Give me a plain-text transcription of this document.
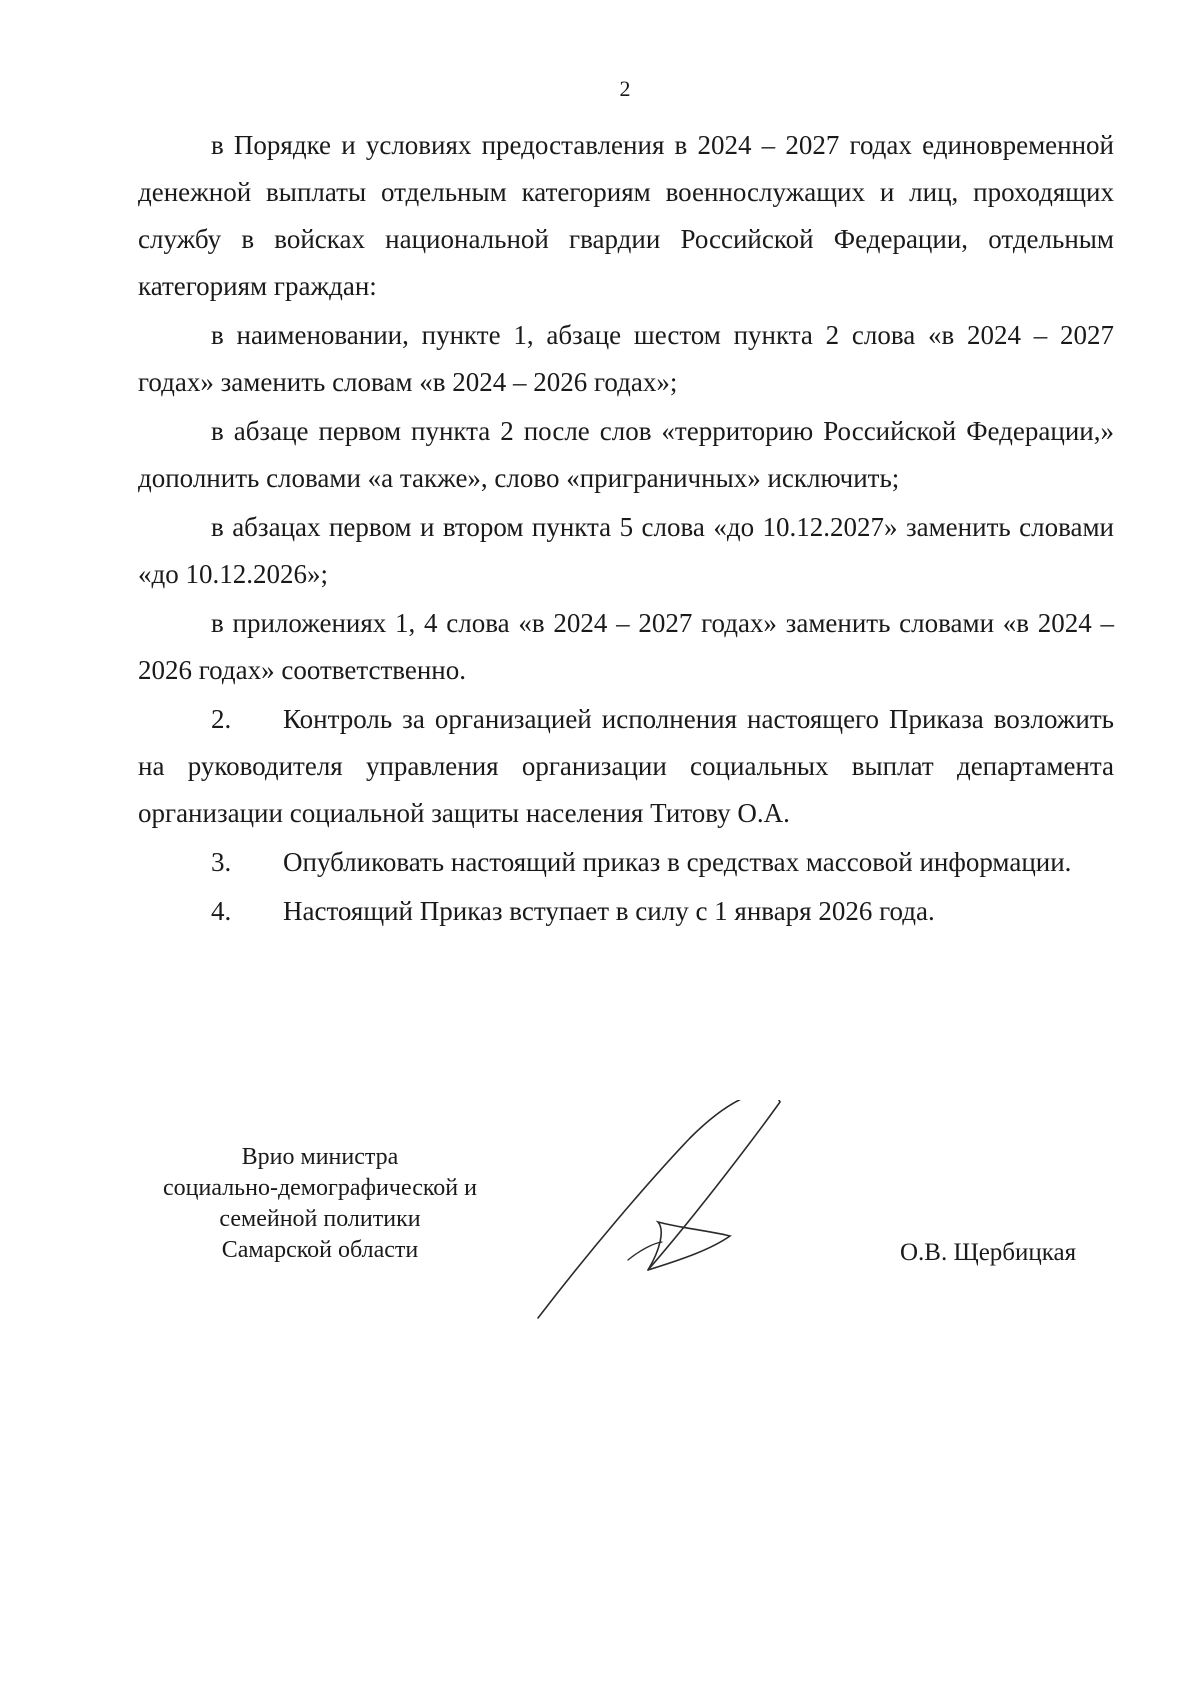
2

в Порядке и условиях предоставления в 2024 – 2027 годах единовременной денежной выплаты отдельным категориям военнослужащих и лиц, проходящих службу в войсках национальной гвардии Российской Федерации, отдельным категориям граждан:

в наименовании, пункте 1, абзаце шестом пункта 2 слова «в 2024 – 2027 годах» заменить словам «в 2024 – 2026 годах»;

в абзаце первом пункта 2 после слов «территорию Российской Федерации,» дополнить словами «а также», слово «приграничных» исключить;

в абзацах первом и втором пункта 5 слова «до 10.12.2027» заменить словами «до 10.12.2026»;

в приложениях 1, 4 слова «в 2024 – 2027 годах» заменить словами «в 2024 – 2026 годах» соответственно.

2. Контроль за организацией исполнения настоящего Приказа возложить на руководителя управления организации социальных выплат департамента организации социальной защиты населения Титову О.А.

3. Опубликовать настоящий приказ в средствах массовой информации.

4. Настоящий Приказ вступает в силу с 1 января 2026 года.

Врио министра
социально-демографической и
семейной политики
Самарской области	О.В. Щербицкая
